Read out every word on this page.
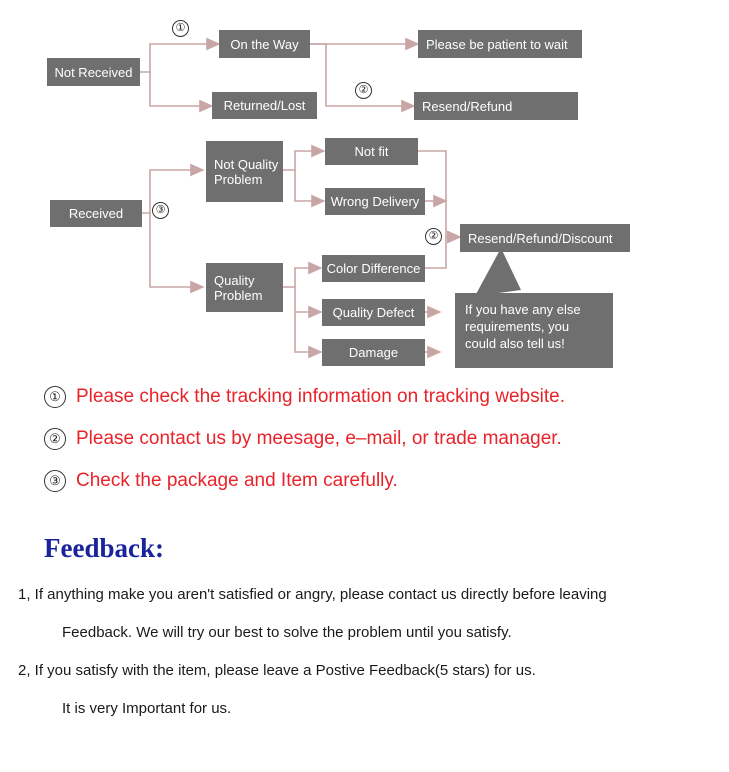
Not Received
On the Way
Returned/Lost
Please be patient to wait
Resend/Refund
Received
Not Quality Problem
Quality Problem
Not fit
Wrong Delivery
Color Difference
Quality Defect
Damage
Resend/Refund/Discount
①
②
③
②
If you have any else requirements, you could also tell us!
① Please check the tracking information on tracking website.
② Please contact us by meesage, e–mail, or trade manager.
③ Check the package and Item carefully.
Feedback:
1, If anything make you aren't satisfied or angry, please contact us directly before leaving
Feedback. We will try our best to solve the problem until you satisfy.
2, If you satisfy with the item, please leave a Postive Feedback(5 stars) for us.
It is very Important for us.
